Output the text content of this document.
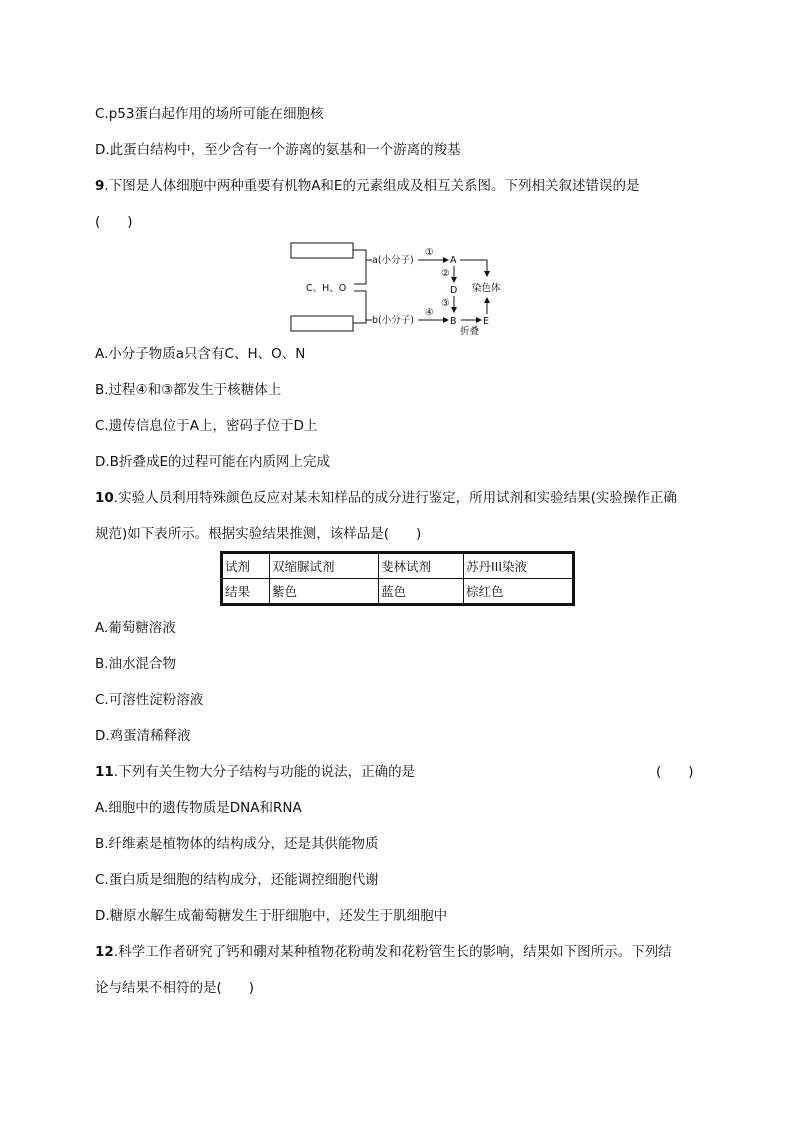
C.p53蛋白起作用的场所可能在细胞核
D.此蛋白结构中，至少含有一个游离的氨基和一个游离的羧基
9.下图是人体细胞中两种重要有机物A和E的元素组成及相互关系图。下列相关叙述错误的是
(　　)
C、H、O
a(小分子)
b(小分子)
①
④
A
D
B	E
②
③
染色体
折叠
A.小分子物质a只含有C、H、O、N
B.过程④和③都发生于核糖体上
C.遗传信息位于A上，密码子位于D上
D.B折叠成E的过程可能在内质网上完成
10.实验人员利用特殊颜色反应对某未知样品的成分进行鉴定，所用试剂和实验结果(实验操作正确
规范)如下表所示。根据实验结果推测，该样品是(　　)
试剂	双缩脲试剂	斐林试剂	苏丹III染液
结果	紫色	蓝色	棕红色
A.葡萄糖溶液
B.油水混合物
C.可溶性淀粉溶液
D.鸡蛋清稀释液
11.下列有关生物大分子结构与功能的说法，正确的是	(　　)
A.细胞中的遗传物质是DNA和RNA
B.纤维素是植物体的结构成分，还是其供能物质
C.蛋白质是细胞的结构成分，还能调控细胞代谢
D.糖原水解生成葡萄糖发生于肝细胞中，还发生于肌细胞中
12.科学工作者研究了钙和硼对某种植物花粉萌发和花粉管生长的影响，结果如下图所示。下列结
论与结果不相符的是(　　)
